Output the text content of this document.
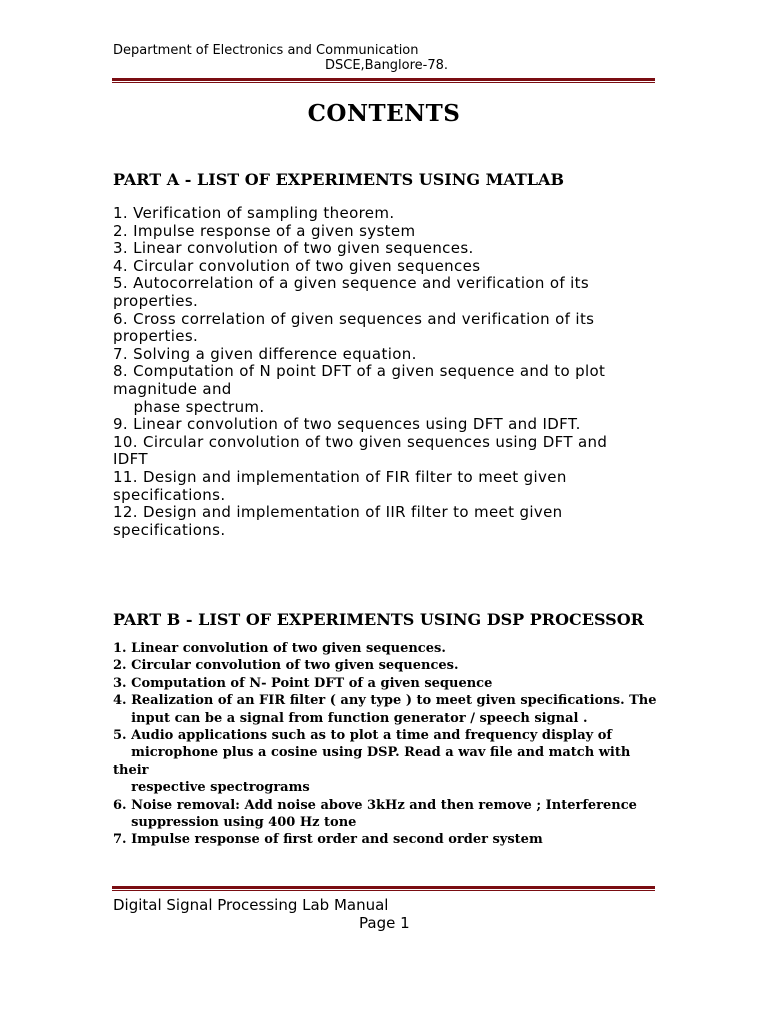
Department of Electronics and Communication
DSCE,Banglore-78.
CONTENTS
PART A - LIST OF EXPERIMENTS USING MATLAB
1. Verification of sampling theorem.
2. Impulse response of a given system
3. Linear convolution of two given sequences.
4. Circular convolution of two given sequences
5. Autocorrelation of a given sequence and verification of its
properties.
6. Cross correlation of given sequences and verification of its
properties.
7. Solving a given difference equation.
8. Computation of N point DFT of a given sequence and to plot
magnitude and
phase spectrum.
9. Linear convolution of two sequences using DFT and IDFT.
10. Circular convolution of two given sequences using DFT and
IDFT
11. Design and implementation of FIR filter to meet given
specifications.
12. Design and implementation of IIR filter to meet given
specifications.
PART B - LIST OF EXPERIMENTS USING DSP PROCESSOR
1. Linear convolution of two given sequences.
2. Circular convolution of two given sequences.
3. Computation of N- Point DFT of a given sequence
4. Realization of an FIR filter ( any type ) to meet given specifications. The
input can be a signal from function generator / speech signal .
5. Audio applications such as to plot a time and frequency display of
microphone plus a cosine using DSP. Read a wav file and match with their
respective spectrograms
6. Noise removal: Add noise above 3kHz and then remove ; Interference
suppression using 400 Hz tone
7. Impulse response of first order and second order system
Digital Signal Processing Lab Manual
Page 1
